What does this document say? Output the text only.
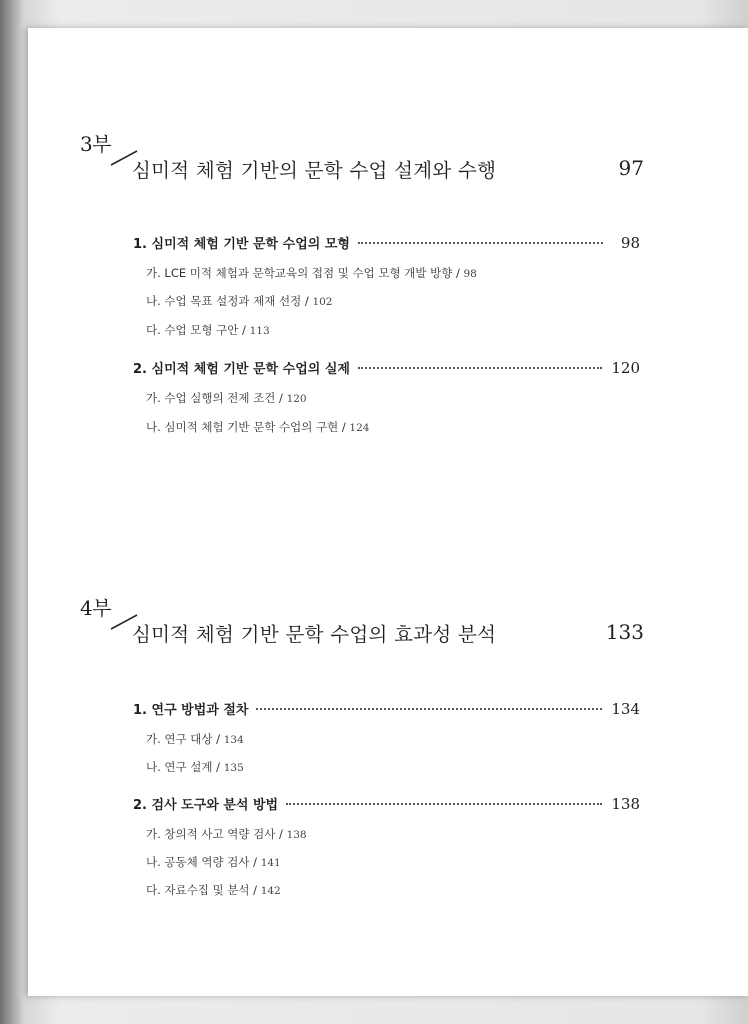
3부
심미적 체험 기반의 문학 수업 설계와 수행	97
1. 심미적 체험 기반 문학 수업의 모형	98
가. LCE 미적 체험과 문학교육의 접점 및 수업 모형 개발 방향 / 98
나. 수업 목표 설정과 제재 선정 / 102
다. 수업 모형 구안 / 113
2. 심미적 체험 기반 문학 수업의 실제	120
가. 수업 실행의 전제 조건 / 120
나. 심미적 체험 기반 문학 수업의 구현 / 124
4부
심미적 체험 기반 문학 수업의 효과성 분석	133
1. 연구 방법과 절차	134
가. 연구 대상 / 134
나. 연구 설계 / 135
2. 검사 도구와 분석 방법	138
가. 창의적 사고 역량 검사 / 138
나. 공동체 역량 검사 / 141
다. 자료수집 및 분석 / 142
